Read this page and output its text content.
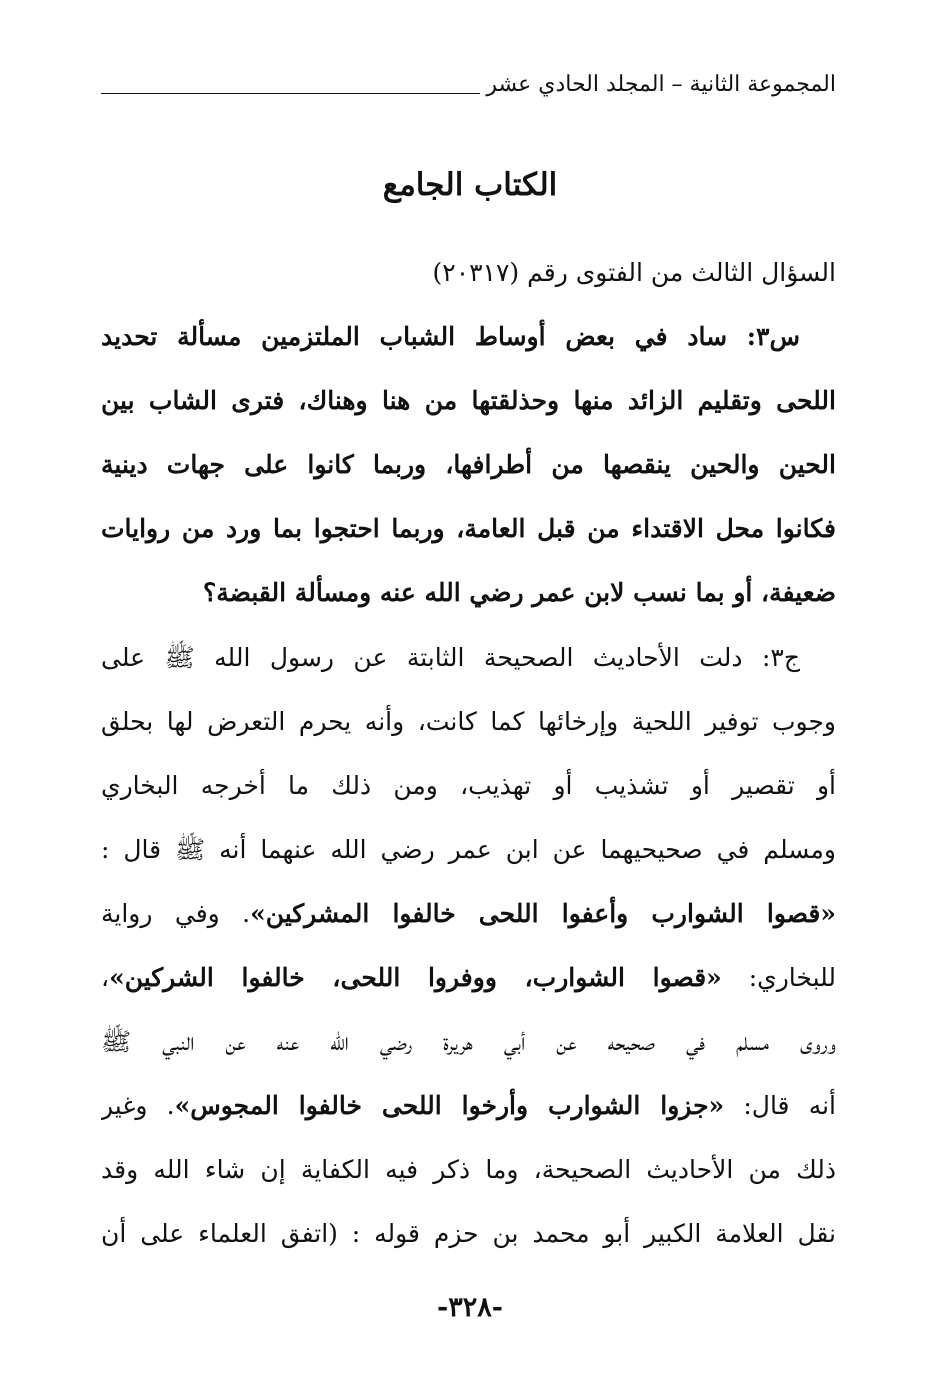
المجموعة الثانية – المجلد الحادي عشر
الكتاب الجامع
السؤال الثالث من الفتوى رقم (٢٠٣١٧)
س٣: ساد في بعض أوساط الشباب الملتزمين مسألة تحديد
اللحى وتقليم الزائد منها وحذلقتها من هنا وهناك، فترى الشاب بين
الحين والحين ينقصها من أطرافها، وربما كانوا على جهات دينية
فكانوا محل الاقتداء من قبل العامة، وربما احتجوا بما ورد من روايات
ضعيفة، أو بما نسب لابن عمر رضي الله عنه ومسألة القبضة؟
ج٣: دلت الأحاديث الصحيحة الثابتة عن رسول الله ﷺ على
وجوب توفير اللحية وإرخائها كما كانت، وأنه يحرم التعرض لها بحلق
أو تقصير أو تشذيب أو تهذيب، ومن ذلك ما أخرجه البخاري
ومسلم في صحيحيهما عن ابن عمر رضي الله عنهما أنه ﷺ قال :
«قصوا الشوارب وأعفوا اللحى خالفوا المشركين». وفي رواية
للبخاري: «قصوا الشوارب، ووفروا اللحى، خالفوا الشركين»،
وروى مسلم في صحيحه عن أبي هريرة رضي الله عنه عن النبي ﷺ
أنه قال: «جزوا الشوارب وأرخوا اللحى خالفوا المجوس». وغير
ذلك من الأحاديث الصحيحة، وما ذكر فيه الكفاية إن شاء الله وقد
نقل العلامة الكبير أبو محمد بن حزم قوله : (اتفق العلماء على أن
-٣٢٨-
